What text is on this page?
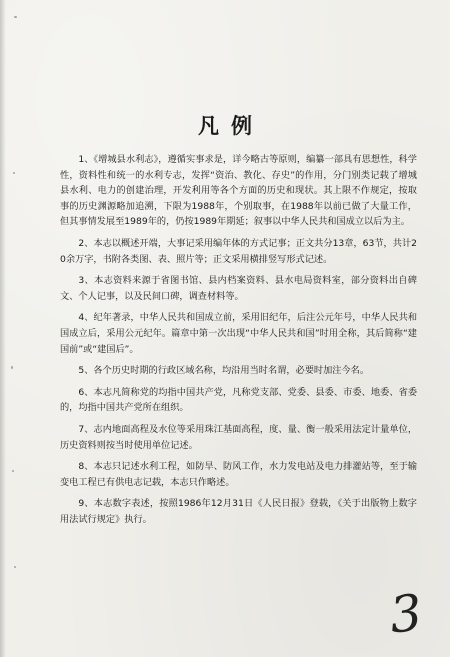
凡例

1、《增城县水利志》，遵循实事求是，详今略古等原则，编纂一部具有思想性，科学性，资料性和统一的水利专志，发挥“资治、教化、存史”的作用，分门别类记载了增城县水利、电力的创建治理，开发利用等各个方面的历史和现状。其上限不作规定，按取事的历史渊源略加追溯，下限为1988年，个别取事，在1988年以前已做了大量工作，但其事情发展至1989年的，仍按1989年期延；叙事以中华人民共和国成立以后为主。

2、本志以概述开端，大事记采用编年体的方式记事；正文共分13章，63节，共计20余万字，书附各类图、表、照片等；正文采用横排竖写形式记述。

3、本志资料来源于省图书馆、县内档案资料、县水电局资料室，部分资料出自碑文、个人记事，以及民间口碑，调查材料等。

4、纪年著录，中华人民共和国成立前，采用旧纪年，后注公元年号，中华人民共和国成立后，采用公元纪年。篇章中第一次出现“中华人民共和国”时用全称，其后简称“建国前”或“建国后”。

5、各个历史时期的行政区域名称，均沿用当时名谓，必要时加注今名。

6、本志凡简称党的均指中国共产党，凡称党支部、党委、县委、市委、地委、省委的，均指中国共产党所在组织。

7、志内地面高程及水位等采用珠江基面高程，度、量、衡一般采用法定计量单位，历史资料则按当时使用单位记述。

8、本志只记述水利工程，如防旱、防风工作，水力发电站及电力排灌站等，至于输变电工程已有供电志记载，本志只作略述。

9、本志数字表述，按照1986年12月31日《人民日报》登载，《关于出版物上数字用法试行规定》执行。

3
